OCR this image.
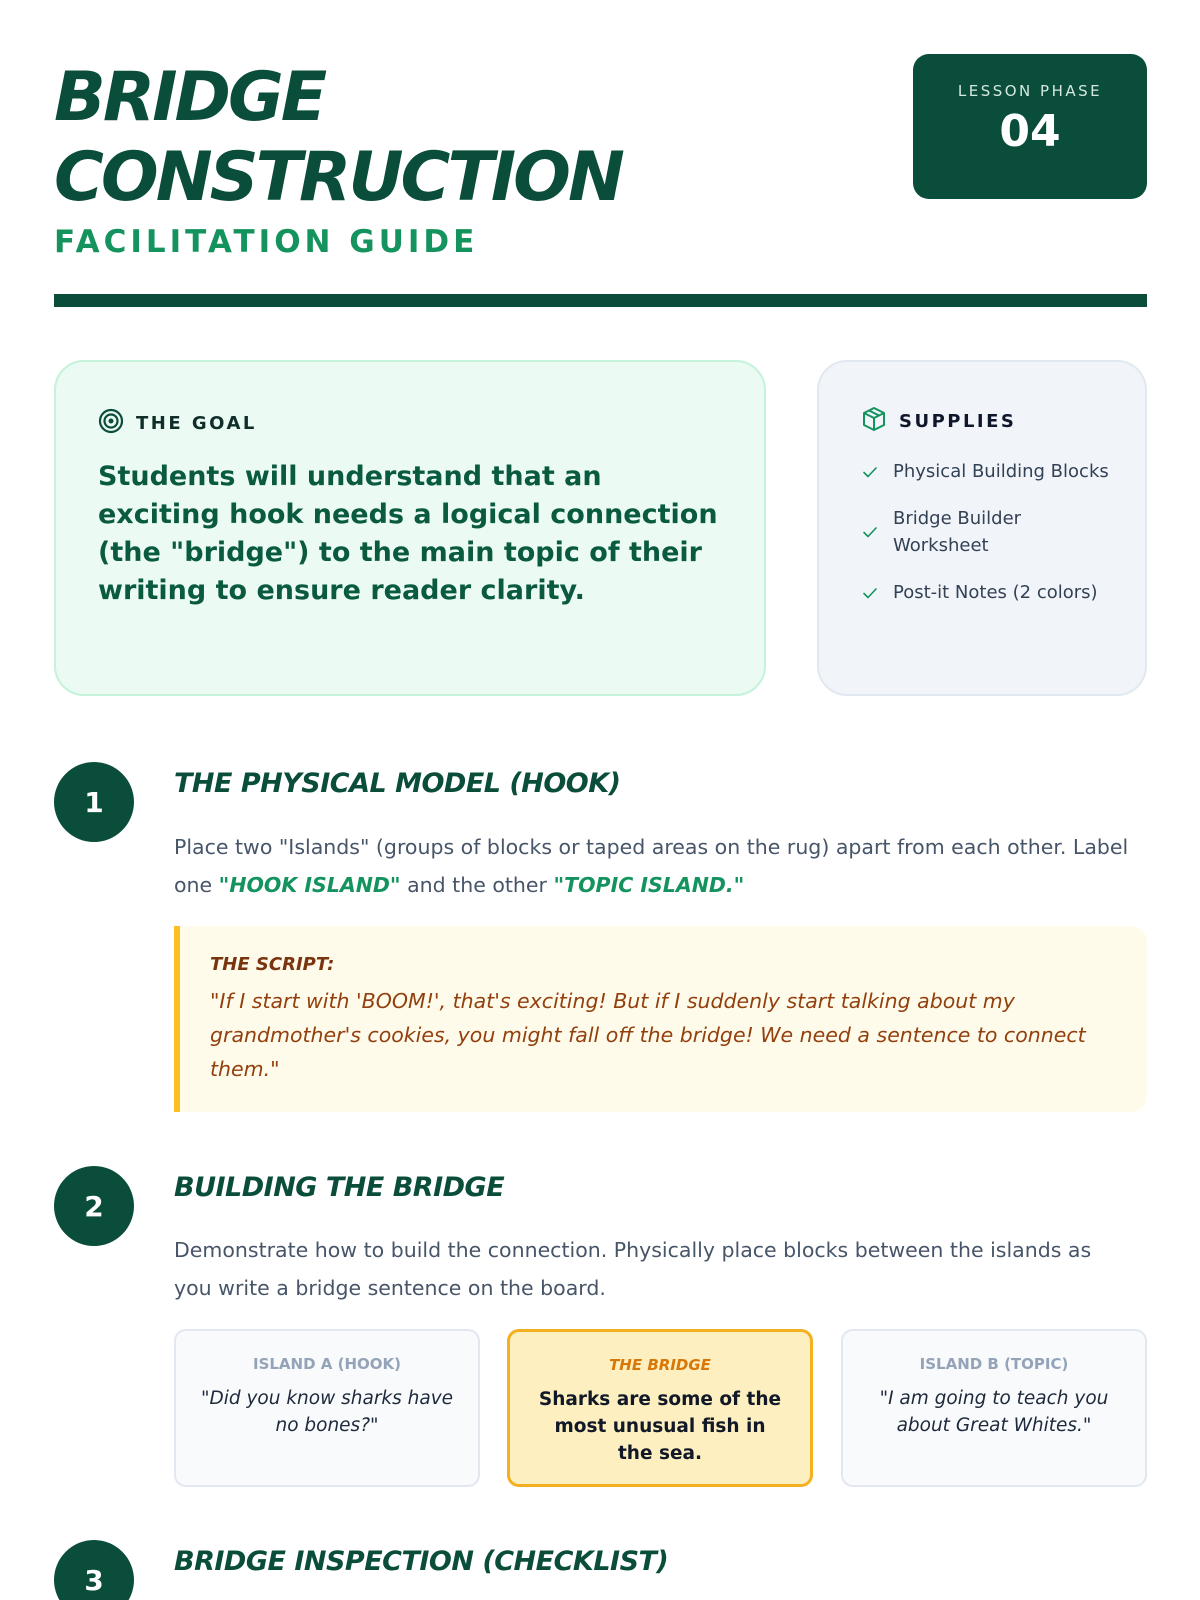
BRIDGE
CONSTRUCTION
FACILITATION GUIDE
LESSON PHASE
04
THE GOAL
Students will understand that an exciting hook needs a logical connection (the "bridge") to the main topic of their writing to ensure reader clarity.
SUPPLIES
Physical Building Blocks
Bridge Builder Worksheet
Post-it Notes (2 colors)
1
THE PHYSICAL MODEL (HOOK)
Place two "Islands" (groups of blocks or taped areas on the rug) apart from each other. Label one "HOOK ISLAND" and the other "TOPIC ISLAND."
THE SCRIPT:
"If I start with 'BOOM!', that's exciting! But if I suddenly start talking about my grandmother's cookies, you might fall off the bridge! We need a sentence to connect them."
2
BUILDING THE BRIDGE
Demonstrate how to build the connection. Physically place blocks between the islands as you write a bridge sentence on the board.
ISLAND A (HOOK)
"Did you know sharks have no bones?"
THE BRIDGE
Sharks are some of the most unusual fish in the sea.
ISLAND B (TOPIC)
"I am going to teach you about Great Whites."
3
BRIDGE INSPECTION (CHECKLIST)
